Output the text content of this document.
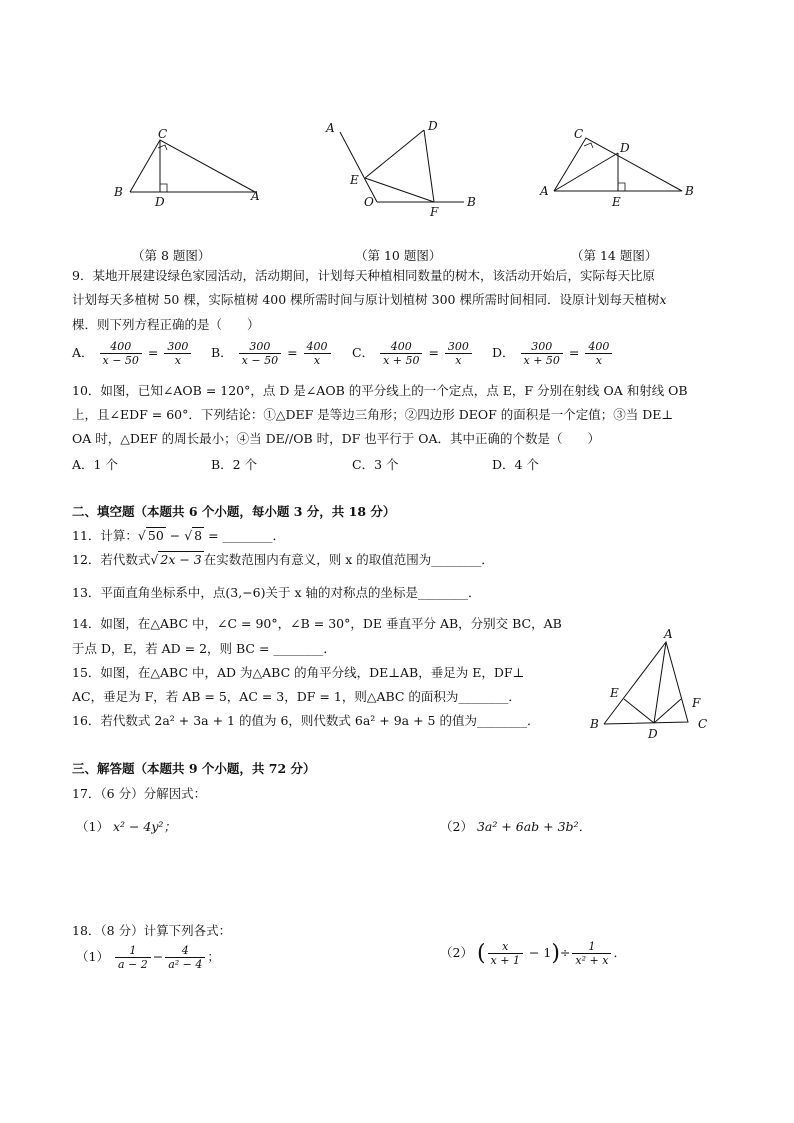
C
B
D	A
A	D
E
O
F
B
C
D
A
E
B
（第 8 题图）	（第 10 题图）	（第 14 题图）
9．某地开展建设绿色家园活动，活动期间，计划每天种植相同数量的树木，该活动开始后，实际每天比原
计划每天多植树 50 棵，实际植树 400 棵所需时间与原计划植树 300 棵所需时间相同．设原计划每天植树x
棵．则下列方程正确的是（　　）
A． $\frac{400}{x - 50} = \frac{300}{x}$ B． $\frac{300}{x - 50} = \frac{400}{x}$ C． $\frac{400}{x + 50} = \frac{300}{x}$ D． $\frac{300}{x + 50} = \frac{400}{x}$
10．如图，已知∠AOB = 120°，点 D 是∠AOB 的平分线上的一个定点，点 E，F 分别在射线 OA 和射线 OB
上，且∠EDF = 60°．下列结论：①△DEF 是等边三角形；②四边形 DEOF 的面积是一个定值；③当 DE⊥
OA 时，△DEF 的周长最小；④当 DE//OB 时，DF 也平行于 OA．其中正确的个数是（　　）
A．1 个	B．2 个	C．3 个	D．4 个
二、填空题（本题共 6 个小题，每小题 3 分，共 18 分）
11．计算：√ 50 − √ 8 = ________．
12．若代数式√ 2x − 3 在实数范围内有意义，则 x 的取值范围为________．
13．平面直角坐标系中，点(3,−6)关于 x 轴的对称点的坐标是________．
14．如图，在△ABC 中，∠C = 90°，∠B = 30°，DE 垂直平分 AB，分别交 BC，AB
于点 D，E，若 AD = 2，则 BC = ________．
15．如图，在△ABC 中，AD 为△ABC 的角平分线，DE⊥AB，垂足为 E，DF⊥
AC，垂足为 F，若 AB = 5，AC = 3，DF = 1，则△ABC 的面积为________．
16．若代数式 2a² + 3a + 1 的值为 6，则代数式 6a² + 9a + 5 的值为________．
A
E
F
B
D
C
三、解答题（本题共 9 个小题，共 72 分）
17．（6 分）分解因式：
（1） x² − 4y²；	（2） 3a² + 6ab + 3b²．
18．（8 分）计算下列各式：
$(1) \frac{1}{a - 2} - \frac{4}{\text{a² − 4}}$ ；	（2） ( $\frac{x}{x + 1} - 1)\div \frac{1}{\text{x² + x}}$ ．
